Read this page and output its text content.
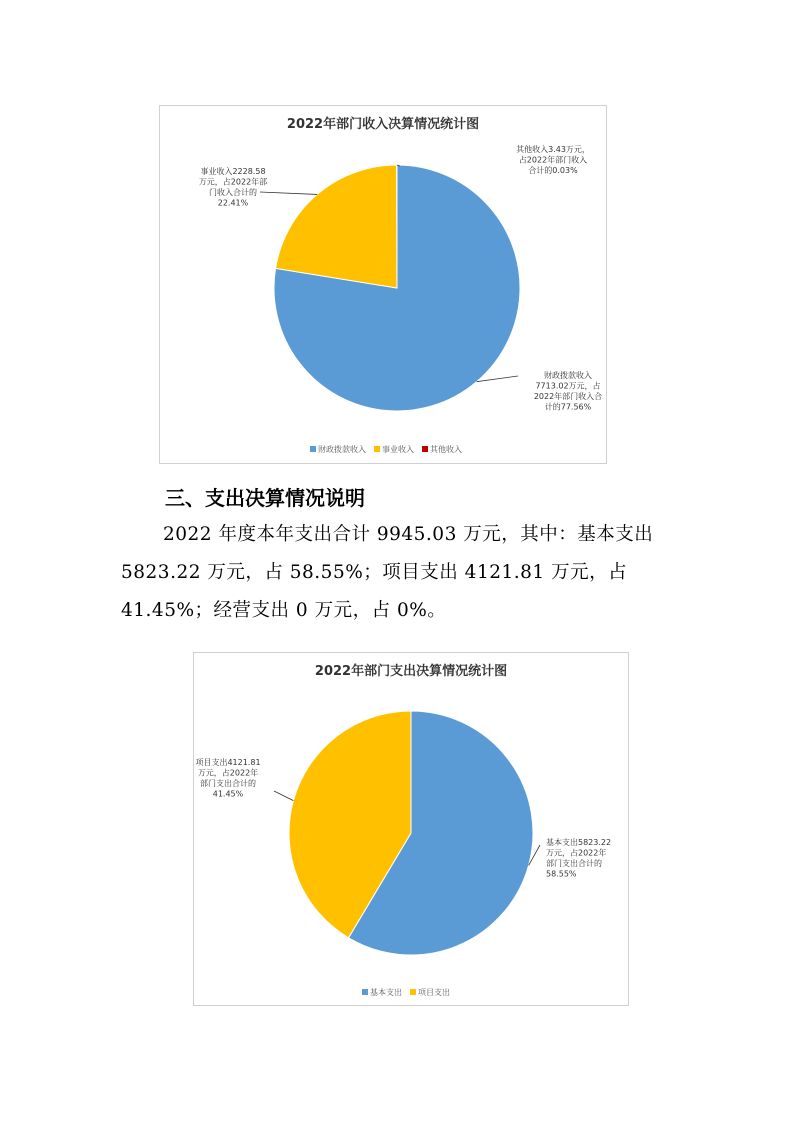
2022年部门收入决算情况统计图
财政拨款收入 7713.02万元，占 2022年部门收入合计的77.56%
事业收入2228.58 万元，占2022年部门收入合计的 22.41%
其他收入3.43万元，占2022年部门收入合计的0.03%
财政拨款收入 事业收入 其他收入
三、支出决算情况说明

2022 年度本年支出合计 9945.03 万元，其中：基本支出 5823.22 万元，占 58.55%；项目支出 4121.81 万元，占 41.45%；经营支出 0 万元，占 0%。

2022年部门支出决算情况统计图
基本支出5823.22 万元，占2022年部门支出合计的 58.55%
项目支出4121.81 万元，占2022年部门支出合计的 41.45%
基本支出 项目支出
